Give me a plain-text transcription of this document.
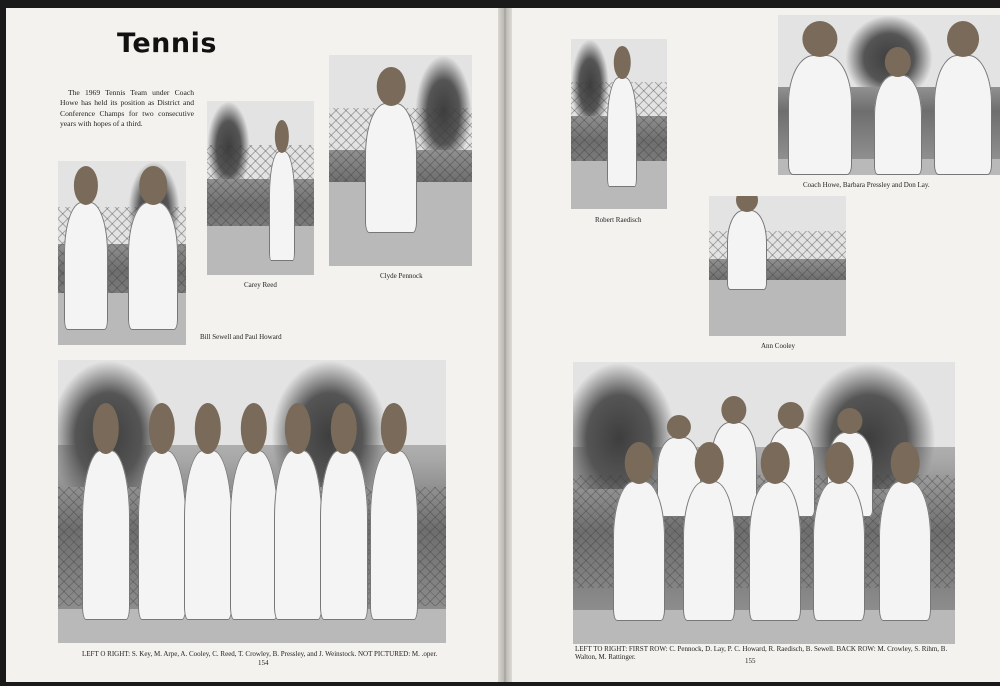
Tennis
The 1969 Tennis Team under Coach Howe has held its position as District and Conference Champs for two consecutive years with hopes of a third.
Bill Sewell and Paul Howard
Carey Reed
Clyde Pennock
LEFT O RIGHT: S. Key, M. Arpe, A. Cooley, C. Reed, T. Crowley, B. Pressley, and J. Weinstock. NOT PICTURED: M. .oper.
154
Robert Raedisch
Coach Howe, Barbara Pressley and Don Lay.
Ann Cooley
LEFT TO RIGHT: FIRST ROW: C. Pennock, D. Lay, P. C. Howard, R. Raedisch, B. Sewell. BACK ROW: M. Crowley, S. Rihm, B. Walton, M. Rattinger.	155
